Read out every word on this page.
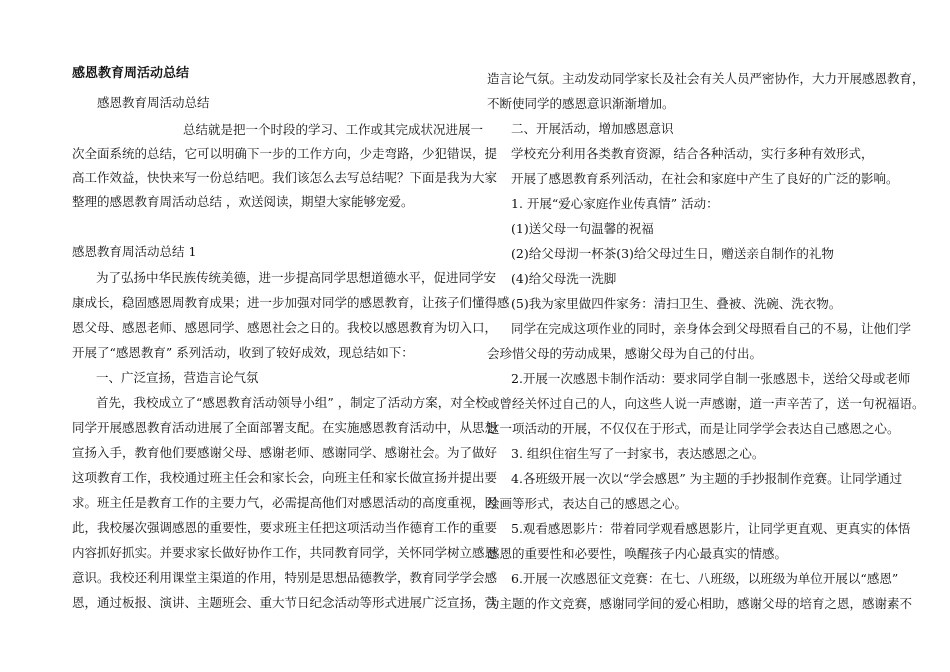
感恩教育周活动总结
感恩教育周活动总结
总结就是把一个时段的学习、工作或其完成状况进展一
次全面系统的总结，它可以明确下一步的工作方向，少走弯路，少犯错误，提
高工作效益，快快来写一份总结吧。我们该怎么去写总结呢？下面是我为大家
整理的感恩教育周活动总结 ，欢送阅读，期望大家能够宠爱。
感恩教育周活动总结 1
为了弘扬中华民族传统美德，进一步提高同学思想道德水平，促进同学安
康成长，稳固感恩周教育成果；进一步加强对同学的感恩教育，让孩子们懂得感
恩父母、感恩老师、感恩同学、感恩社会之日的。我校以感恩教育为切入口，
开展了“感恩教育” 系列活动，收到了较好成效，现总结如下：
一、广泛宣扬，营造言论气氛
首先，我校成立了“感恩教育活动领导小组” ，制定了活动方案，对全校
同学开展感恩教育活动进展了全面部署支配。在实施感恩教育活动中，从思想
宣扬入手，教育他们要感谢父母、感谢老师、感谢同学、感谢社会。为了做好
这项教育工作，我校通过班主任会和家长会，向班主任和家长做宣扬并提出要
求。班主任是教育工作的主要力气，必需提高他们对感恩活动的高度重视，因
此，我校屡次强调感恩的重要性，要求班主任把这项活动当作德育工作的重要
内容抓好抓实。并要求家长做好协作工作，共同教育同学，关怀同学树立感恩
意识。我校还利用课堂主渠道的作用，特别是思想品德教学，教育同学学会感
恩，通过板报、演讲、主题班会、重大节日纪念活动等形式进展广泛宣扬，营
造言论气氛。主动发动同学家长及社会有关人员严密协作，大力开展感恩教育，
不断使同学的感恩意识渐渐增加。
二、开展活动，增加感恩意识
学校充分利用各类教育资源，结合各种活动，实行多种有效形式，
开展了感恩教育系列活动，在社会和家庭中产生了良好的广泛的影响。
1. 开展“爱心家庭作业传真情” 活动：
(1)送父母一句温馨的祝福
(2)给父母沏一杯茶(3)给父母过生日，赠送亲自制作的礼物
(4)给父母洗一洗脚
(5)我为家里做四件家务：清扫卫生、叠被、洗碗、洗衣物。
同学在完成这项作业的同时，亲身体会到父母照看自己的不易，让他们学
会珍惜父母的劳动成果，感谢父母为自己的付出。
2.开展一次感恩卡制作活动：要求同学自制一张感恩卡，送给父母或老师
或曾经关怀过自己的人，向这些人说一声感谢，道一声辛苦了，送一句祝福语。
这一项活动的开展，不仅仅在于形式，而是让同学学会表达自己感恩之心。
3. 组织住宿生写了一封家书，表达感恩之心。
4.各班级开展一次以“学会感恩” 为主题的手抄报制作竞赛。让同学通过
绘画等形式，表达自己的感恩之心。
5.观看感恩影片：带着同学观看感恩影片，让同学更直观、更真实的体悟
感恩的重要性和必要性，唤醒孩子内心最真实的情感。
6.开展一次感恩征文竞赛：在七、八班级，以班级为单位开展以“感恩”
为主题的作文竞赛，感谢同学间的爱心相助，感谢父母的培育之恩，感谢素不
